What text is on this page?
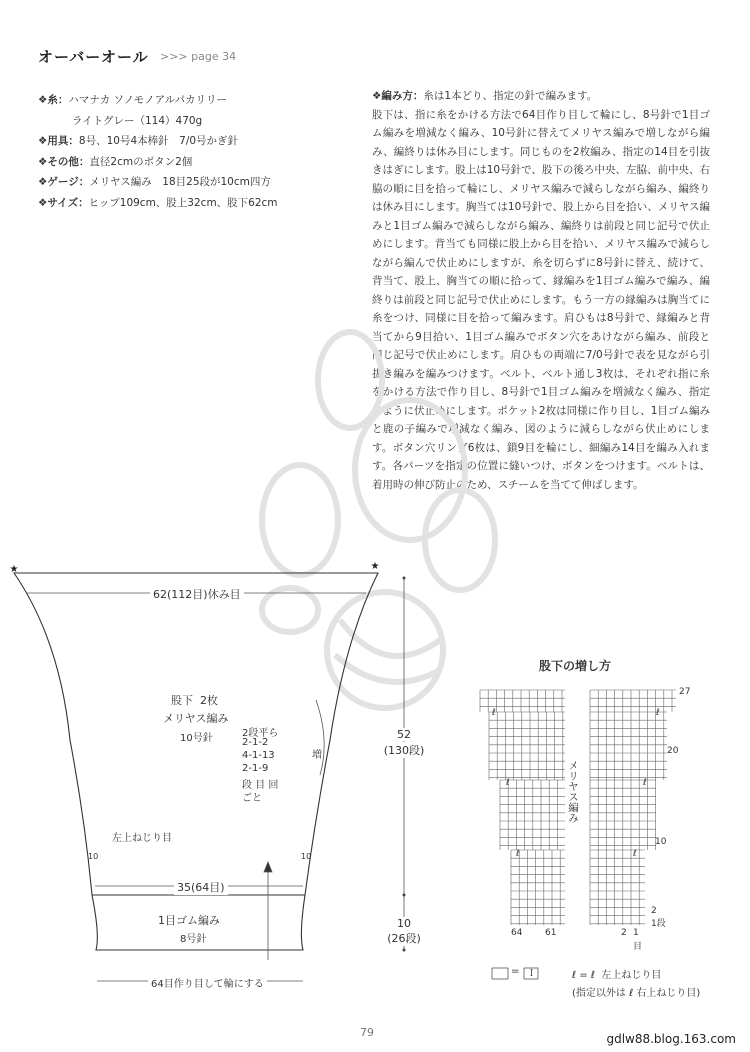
オーバーオール >>> page 34
❖糸：ハマナカ ソノモノアルパカリリー
ライトグレー（114）470g
❖用具：8号、10号4本棒針　7/0号かぎ針
❖その他：直径2cmのボタン2個
❖ゲージ：メリヤス編み　18目25段が10cm四方
❖サイズ：ヒップ109cm、股上32cm、股下62cm
❖編み方：糸は1本どり、指定の針で編みます。
股下は、指に糸をかける方法で64目作り目して輪にし、8号針で1目ゴム編みを増減なく編み、10号針に替えてメリヤス編みで増しながら編み、編終りは休み目にします。同じものを2枚編み、指定の14目を引抜きはぎにします。股上は10号針で、股下の後ろ中央、左脇、前中央、右脇の順に目を拾って輪にし、メリヤス編みで減らしながら編み、編終りは休み目にします。胸当ては10号針で、股上から目を拾い、メリヤス編みと1目ゴム編みで減らしながら編み、編終りは前段と同じ記号で伏止めにします。背当ても同様に股上から目を拾い、メリヤス編みで減らしながら編んで伏止めにしますが、糸を切らずに8号針に替え、続けて、背当て、股上、胸当ての順に拾って、縁編みを1目ゴム編みで編み、編終りは前段と同じ記号で伏止めにします。もう一方の縁編みは胸当てに糸をつけ、同様に目を拾って編みます。肩ひもは8号針で、縁編みと背当てから9目拾い、1目ゴム編みでボタン穴をあけながら編み、前段と同じ記号で伏止めにします。肩ひもの両端に7/0号針で表を見ながら引抜き編みを編みつけます。ベルト、ベルト通し3枚は、それぞれ指に糸をかける方法で作り目し、8号針で1目ゴム編みを増減なく編み、指定のように伏止めにします。ポケット2枚は同様に作り目し、1目ゴム編みと鹿の子編みで増減なく編み、図のように減らしながら伏止めにします。ボタン穴リング6枚は、鎖9目を輪にし、細編み14目を編み入れます。各パーツを指定の位置に縫いつけ、ボタンをつけます。ベルトは、着用時の伸び防止のため、スチームを当てて伸ばします。
★	★
ℓ
ℓ
ℓ
ℓ
ℓ
ℓ
62(112目)休み目
股下 2枚
メリヤス編み
10号針	2段平ら
2-1-2
4-1-13
2-1-9
段 目 回
ごと
増
左上ねじり目
10	10
35(64目)
1目ゴム編み
8号針
64目作り目して輪にする
52
(130段)
10
(26段)
股下の増し方
メリヤス編み
27
20
10
2
1段
64	61	2 1
目
= Ｉ	ℓ = ℓ  左上ねじり目
(指定以外は ℓ 右上ねじり目)
79	gdlw88.blog.163.com
